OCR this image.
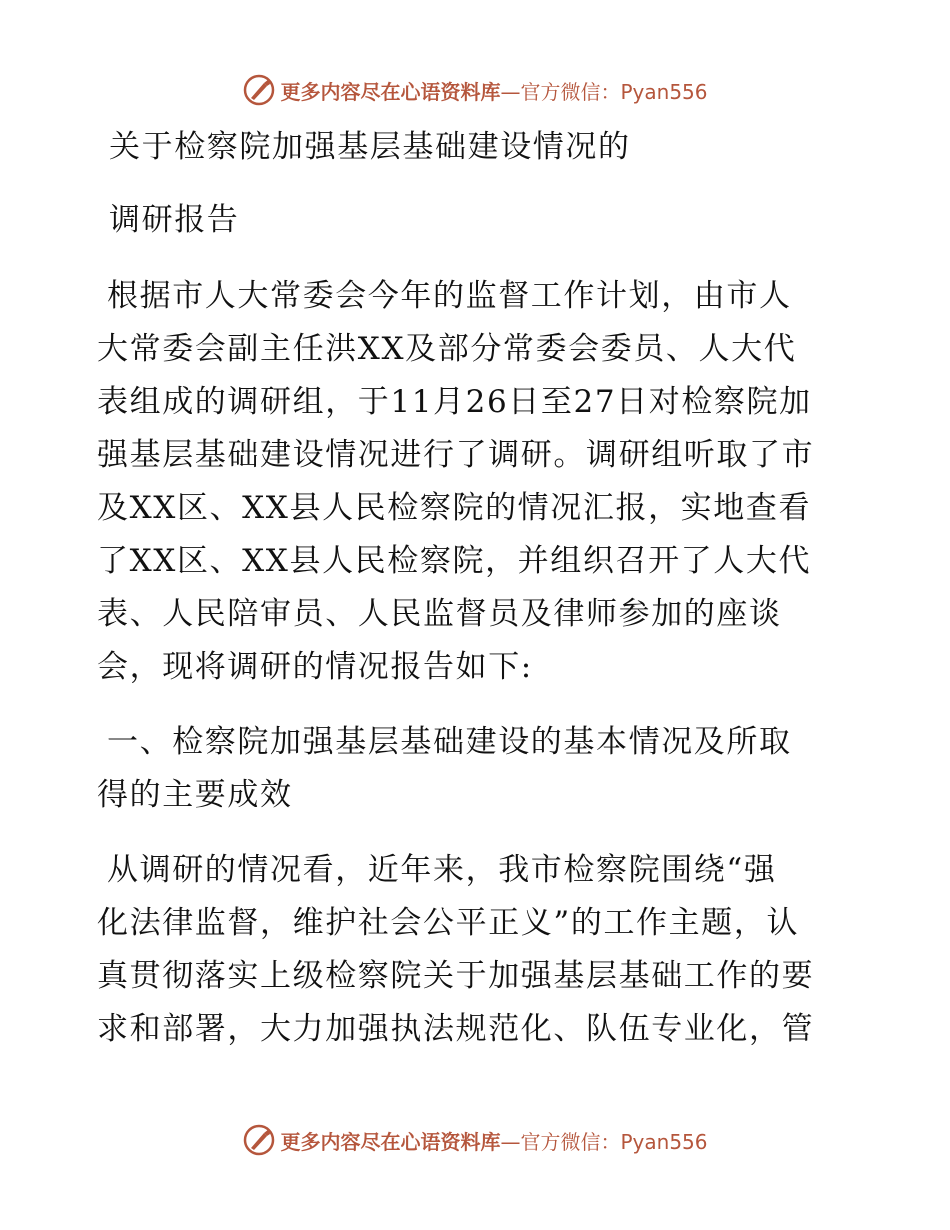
更多内容尽在心语资料库—官方微信：Pyan556

关于检察院加强基层基础建设情况的

调研报告

根据市人大常委会今年的监督工作计划，由市人
大常委会副主任洪XX及部分常委会委员、人大代
表组成的调研组，于11月26日至27日对检察院加
强基层基础建设情况进行了调研。调研组听取了市
及XX区、XX县人民检察院的情况汇报，实地查看
了XX区、XX县人民检察院，并组织召开了人大代
表、人民陪审员、人民监督员及律师参加的座谈
会，现将调研的情况报告如下:

一、检察院加强基层基础建设的基本情况及所取
得的主要成效

从调研的情况看，近年来，我市检察院围绕“强
化法律监督，维护社会公平正义”的工作主题，认
真贯彻落实上级检察院关于加强基层基础工作的要
求和部署，大力加强执法规范化、队伍专业化，管

更多内容尽在心语资料库—官方微信：Pyan556
